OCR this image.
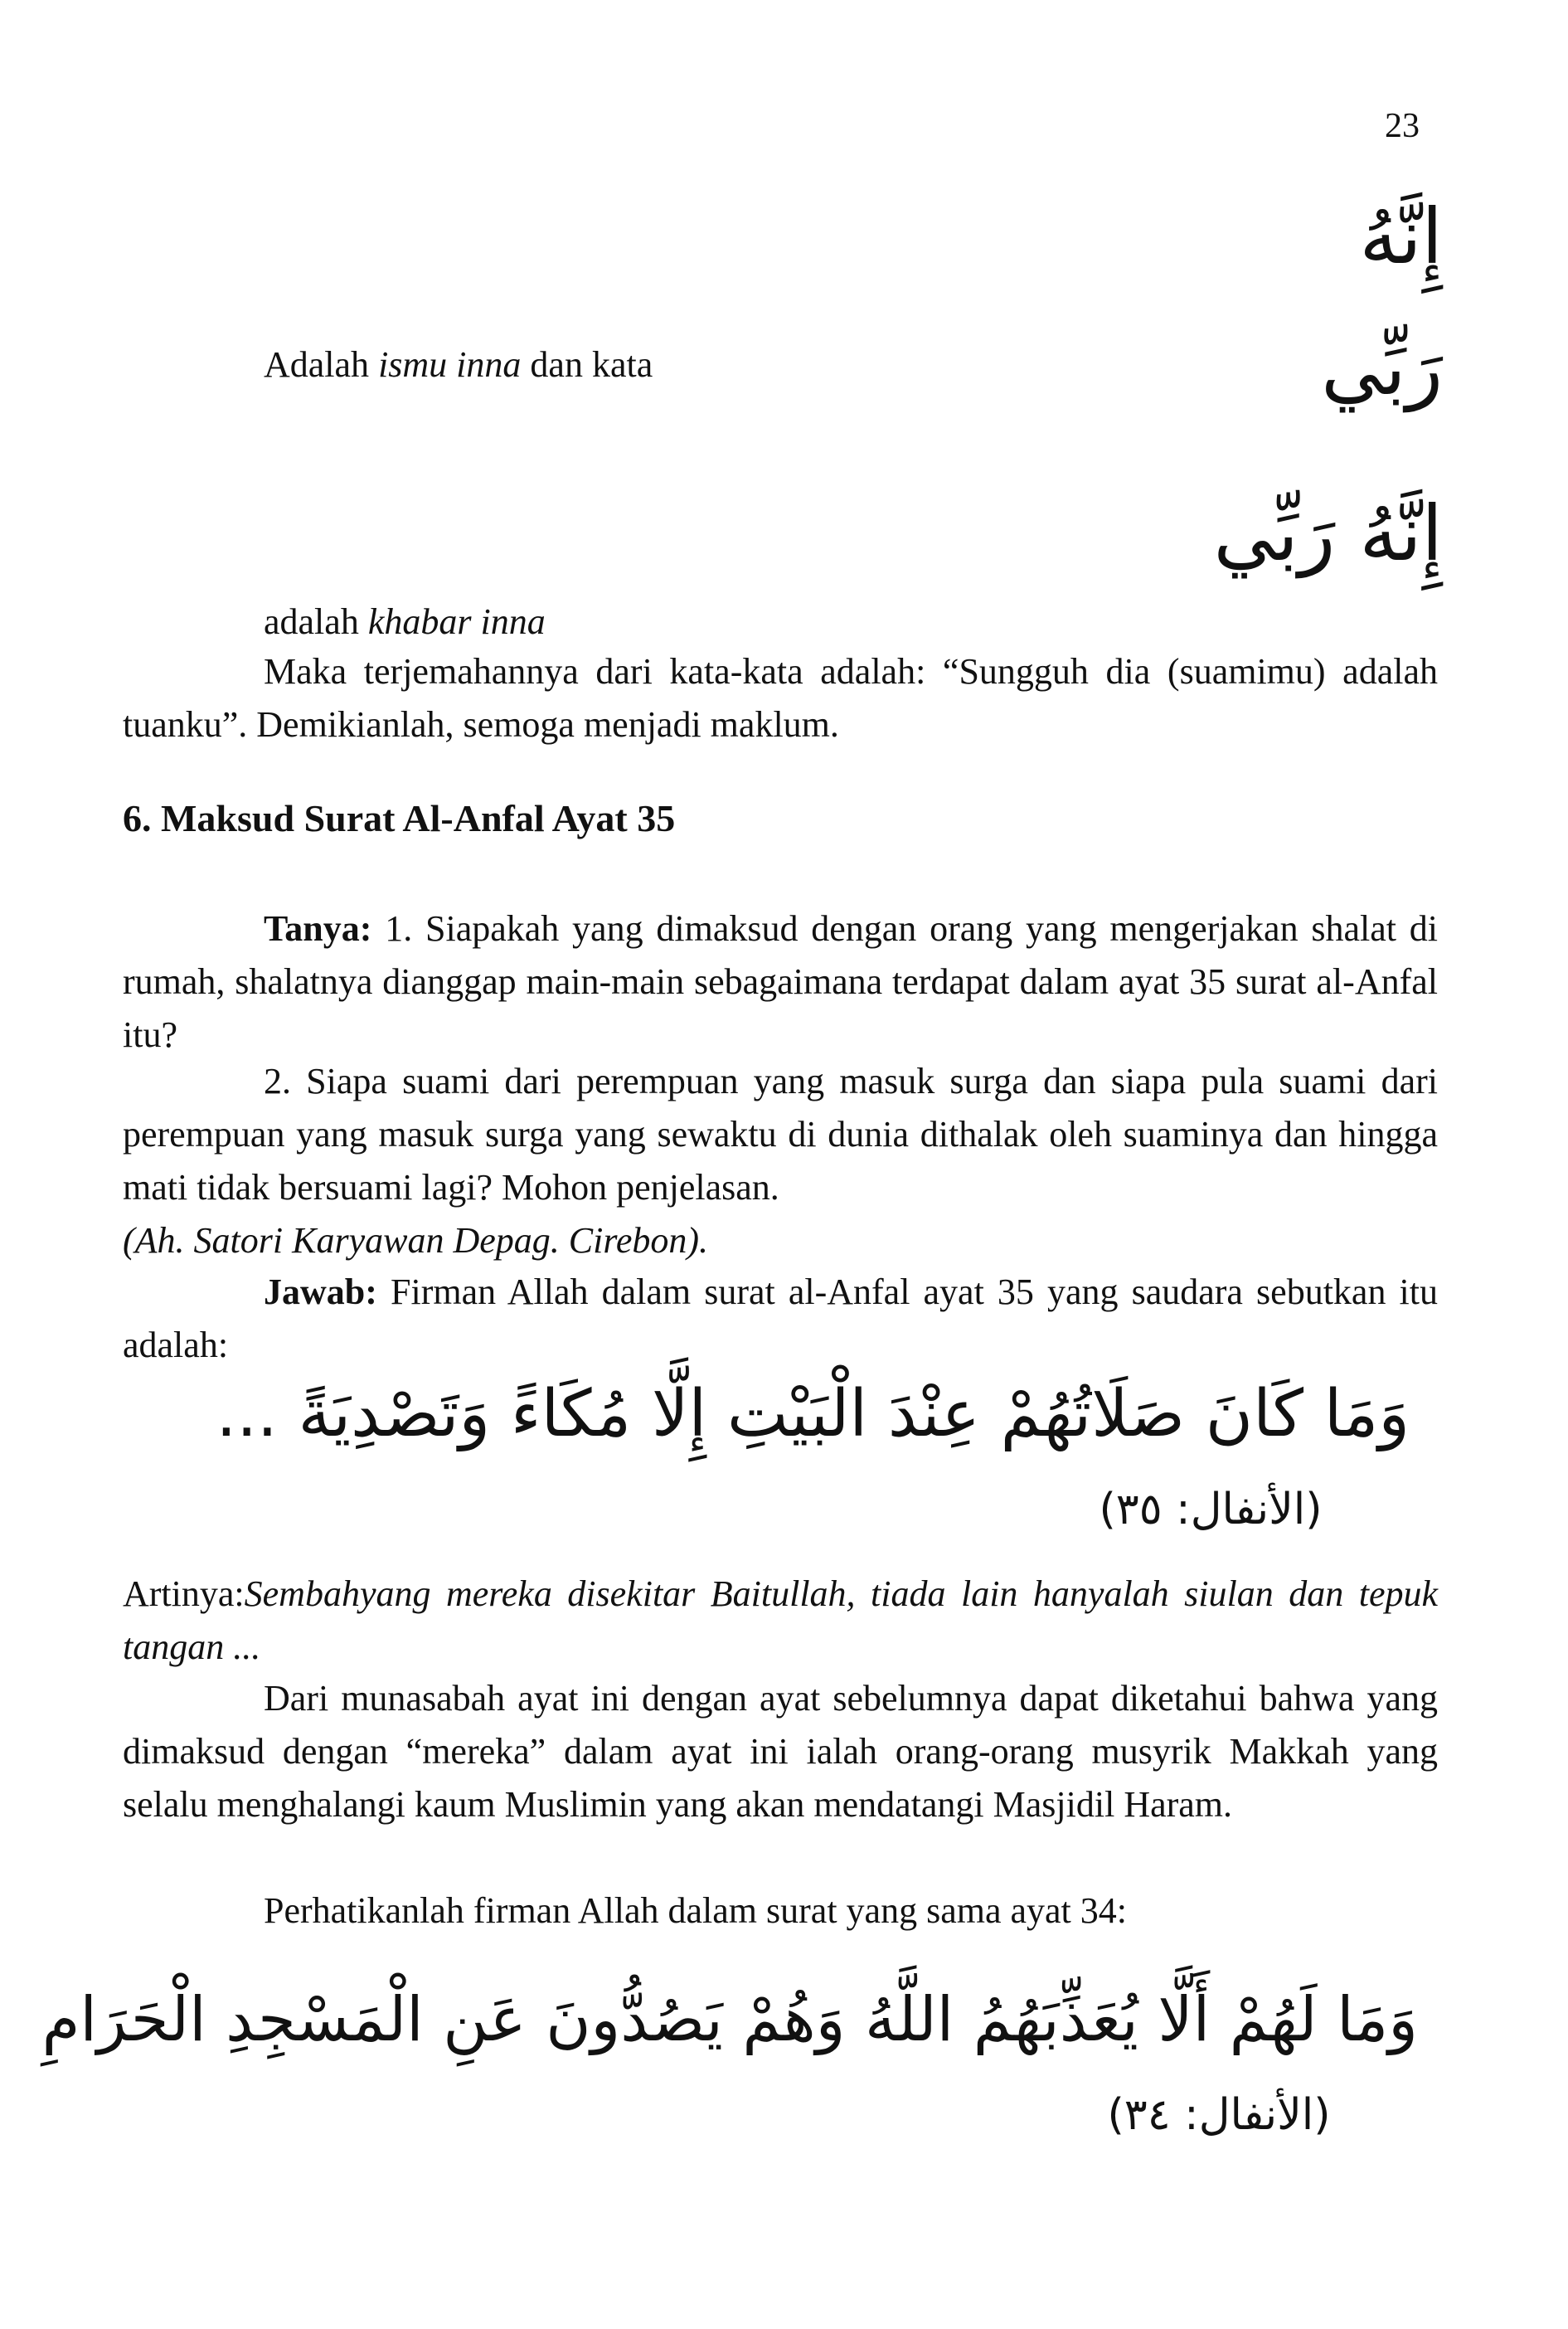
23
إِنَّهُ
Adalah ismu inna dan kata	رَبِّي
إِنَّهُ رَبِّي
adalah khabar inna
Maka terjemahannya dari kata-kata adalah: “Sungguh dia (suamimu) adalah tuanku”. Demikianlah, semoga menjadi maklum.
6. Maksud Surat Al-Anfal Ayat 35
Tanya: 1. Siapakah yang dimaksud dengan orang yang mengerjakan shalat di rumah, shalatnya dianggap main-main sebagaimana terdapat dalam ayat 35 surat al-Anfal itu?
2. Siapa suami dari perempuan yang masuk surga dan siapa pula suami dari perempuan yang masuk surga yang sewaktu di dunia dithalak oleh suaminya dan hingga mati tidak bersuami lagi? Mohon penjelasan.
(Ah. Satori Karyawan Depag. Cirebon).
Jawab: Firman Allah dalam surat al-Anfal ayat 35 yang saudara sebutkan itu adalah:
وَمَا كَانَ صَلَاتُهُمْ عِنْدَ الْبَيْتِ إِلَّا مُكَاءً وَتَصْدِيَةً ...
(الأنفال: ٣٥)
Artinya:Sembahyang mereka disekitar Baitullah, tiada lain hanyalah siulan dan tepuk tangan ...
Dari munasabah ayat ini dengan ayat sebelumnya dapat diketahui bahwa yang dimaksud dengan “mereka” dalam ayat ini ialah orang-orang musyrik Makkah yang selalu menghalangi kaum Muslimin yang akan mendatangi Masjidil Haram.
Perhatikanlah firman Allah dalam surat yang sama ayat 34:
وَمَا لَهُمْ أَلَّا يُعَذِّبَهُمُ اللَّهُ وَهُمْ يَصُدُّونَ عَنِ الْمَسْجِدِ الْحَرَامِ
(الأنفال: ٣٤)
